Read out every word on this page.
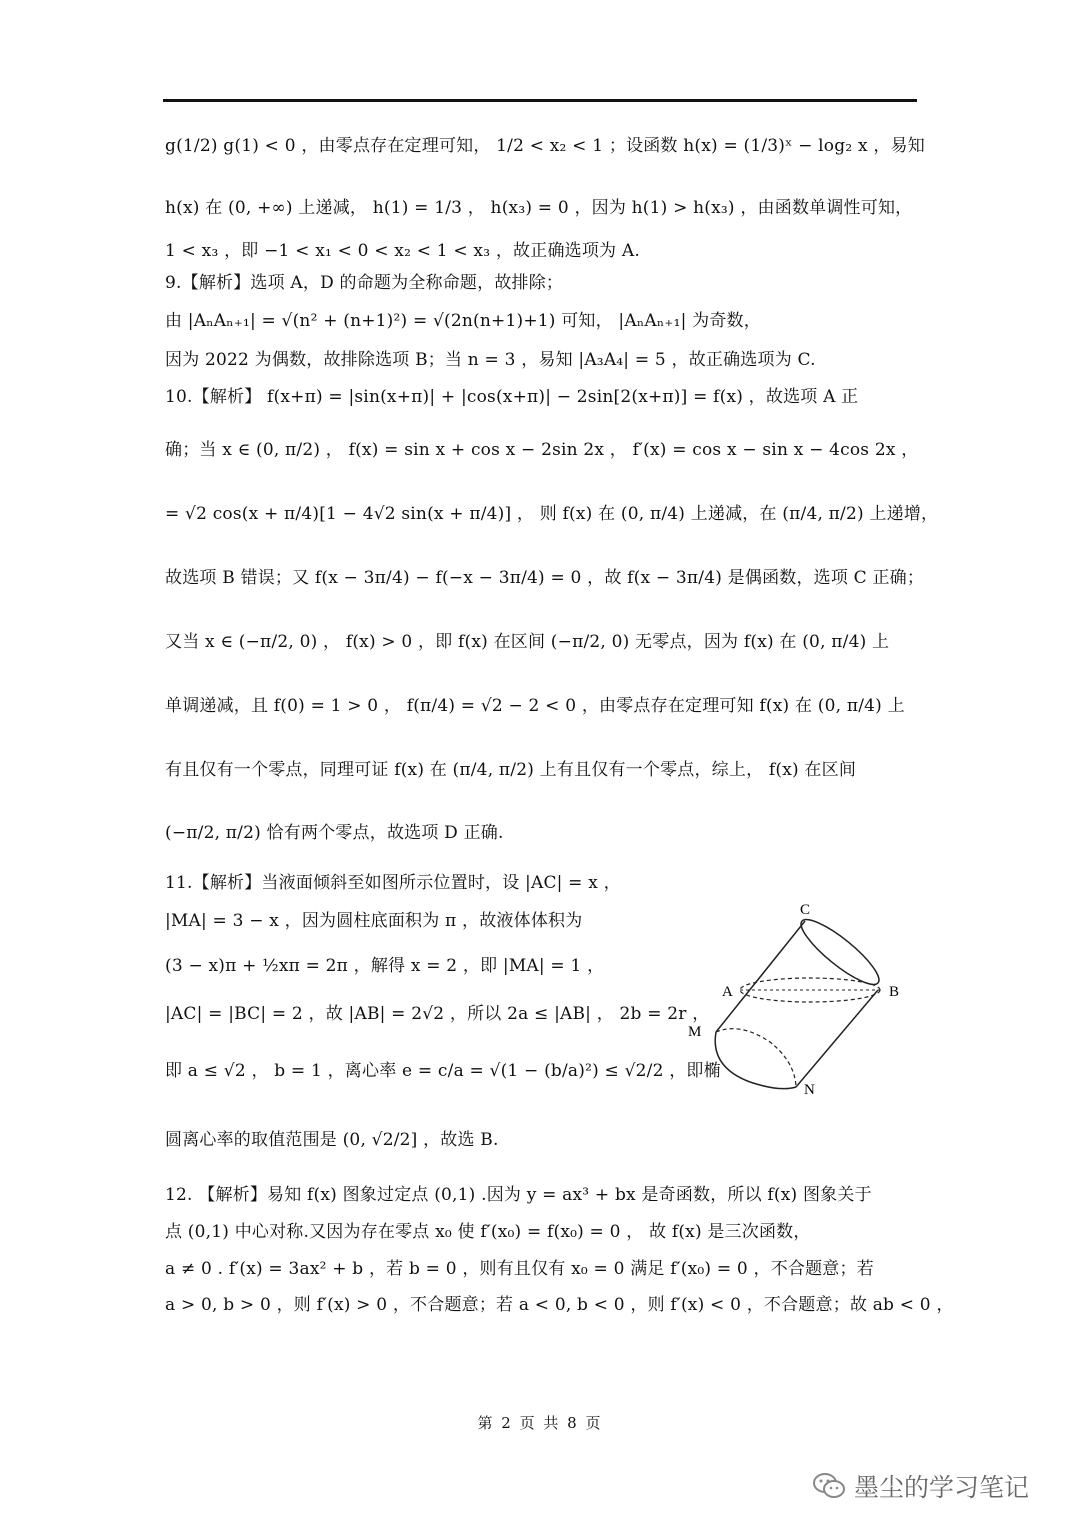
g(1/2) g(1) < 0 ，由零点存在定理可知， 1/2 < x₂ < 1 ；设函数 h(x) = (1/3)ˣ − log₂ x ，易知
h(x) 在 (0, +∞) 上递减， h(1) = 1/3 ， h(x₃) = 0 ，因为 h(1) > h(x₃) ，由函数单调性可知，
1 < x₃ ，即 −1 < x₁ < 0 < x₂ < 1 < x₃ ，故正确选项为 A.
9.【解析】选项 A，D 的命题为全称命题，故排除；
由 |AₙAₙ₊₁| = √(n² + (n+1)²) = √(2n(n+1)+1) 可知， |AₙAₙ₊₁| 为奇数，
因为 2022 为偶数，故排除选项 B；当 n = 3 ，易知 |A₃A₄| = 5 ，故正确选项为 C.
10.【解析】 f(x+π) = |sin(x+π)| + |cos(x+π)| − 2sin[2(x+π)] = f(x) ，故选项 A 正
确；当 x ∈ (0, π/2) ， f(x) = sin x + cos x − 2sin 2x ， f′(x) = cos x − sin x − 4cos 2x ，
= √2 cos(x + π/4)[1 − 4√2 sin(x + π/4)] ， 则 f(x) 在 (0, π/4) 上递减，在 (π/4, π/2) 上递增，
故选项 B 错误；又 f(x − 3π/4) − f(−x − 3π/4) = 0 ，故 f(x − 3π/4) 是偶函数，选项 C 正确；
又当 x ∈ (−π/2, 0) ， f(x) > 0 ，即 f(x) 在区间 (−π/2, 0) 无零点，因为 f(x) 在 (0, π/4) 上
单调递减，且 f(0) = 1 > 0 ， f(π/4) = √2 − 2 < 0 ，由零点存在定理可知 f(x) 在 (0, π/4) 上
有且仅有一个零点，同理可证 f(x) 在 (π/4, π/2) 上有且仅有一个零点，综上， f(x) 在区间
(−π/2, π/2) 恰有两个零点，故选项 D 正确.
11.【解析】当液面倾斜至如图所示位置时，设 |AC| = x ，
|MA| = 3 − x ，因为圆柱底面积为 π ，故液体体积为
(3 − x)π + ½xπ = 2π ，解得 x = 2 ，即 |MA| = 1 ，
|AC| = |BC| = 2 ，故 |AB| = 2√2 ，所以 2a ≤ |AB| ， 2b = 2r ，
即 a ≤ √2 ， b = 1 ，离心率 e = c/a = √(1 − (b/a)²) ≤ √2/2 ，即椭
圆离心率的取值范围是 (0, √2/2] ，故选 B.
12. 【解析】易知 f(x) 图象过定点 (0,1) .因为 y = ax³ + bx 是奇函数，所以 f(x) 图象关于
点 (0,1) 中心对称.又因为存在零点 x₀ 使 f′(x₀) = f(x₀) = 0 ， 故 f(x) 是三次函数，
a ≠ 0 . f′(x) = 3ax² + b ，若 b = 0 ，则有且仅有 x₀ = 0 满足 f′(x₀) = 0 ，不合题意；若
a > 0, b > 0 ，则 f′(x) > 0 ，不合题意；若 a < 0, b < 0 ，则 f′(x) < 0 ，不合题意；故 ab < 0 ，
C
A	B
M
N
第 2 页 共 8 页
墨尘的学习笔记
